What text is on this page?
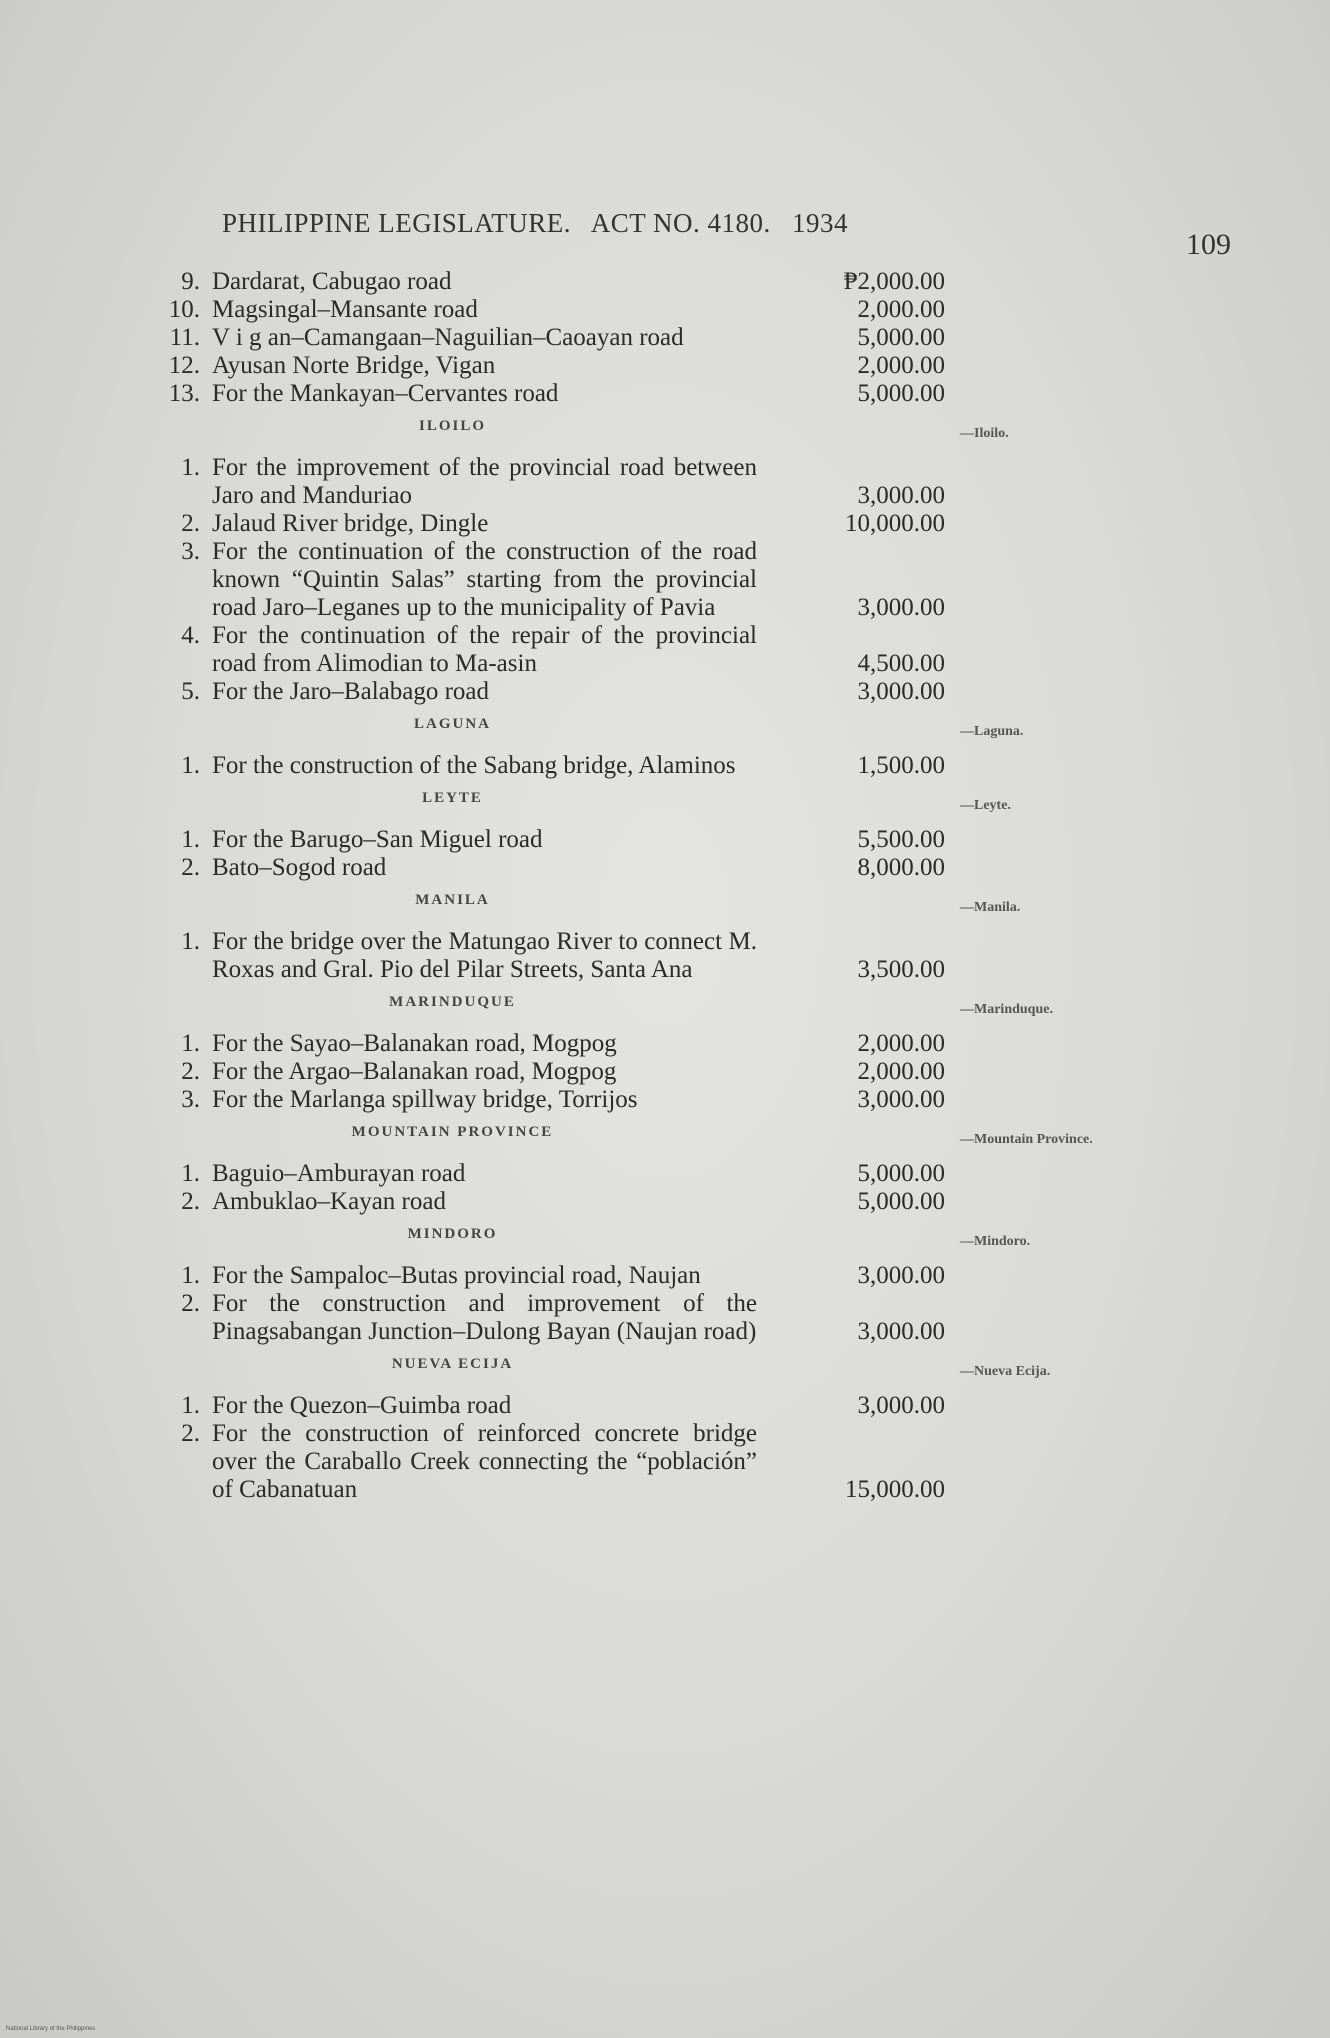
PHILIPPINE LEGISLATURE. ACT NO. 4180. 1934
109
9. Dardarat, Cabugao road	₱2,000.00
10. Magsingal–Mansante road	2,000.00
11. V i g an–Camangaan–Naguilian–Caoayan road	5,000.00
12. Ayusan Norte Bridge, Vigan	2,000.00
13. For the Mankayan–Cervantes road	5,000.00
ILOILO	—Iloilo.
1. For the improvement of the provincial road between Jaro and Manduriao	3,000.00
2. Jalaud River bridge, Dingle	10,000.00
3. For the continuation of the construction of the road known “Quintin Salas” starting from the provincial road Jaro–Leganes up to the municipality of Pavia	3,000.00
4. For the continuation of the repair of the provincial road from Alimodian to Ma-asin	4,500.00
5. For the Jaro–Balabago road	3,000.00
LAGUNA	—Laguna.
1. For the construction of the Sabang bridge, Alaminos	1,500.00
LEYTE	—Leyte.
1. For the Barugo–San Miguel road	5,500.00
2. Bato–Sogod road	8,000.00
MANILA	—Manila.
1. For the bridge over the Matungao River to connect M. Roxas and Gral. Pio del Pilar Streets, Santa Ana	3,500.00
MARINDUQUE	—Marinduque.
1. For the Sayao–Balanakan road, Mogpog	2,000.00
2. For the Argao–Balanakan road, Mogpog	2,000.00
3. For the Marlanga spillway bridge, Torrijos	3,000.00
MOUNTAIN PROVINCE	—Mountain Province.
1. Baguio–Amburayan road	5,000.00
2. Ambuklao–Kayan road	5,000.00
MINDORO	—Mindoro.
1. For the Sampaloc–Butas provincial road, Naujan	3,000.00
2. For the construction and improvement of the Pinagsabangan Junction–Dulong Bayan (Naujan road)	3,000.00
NUEVA ECIJA	—Nueva Ecija.
1. For the Quezon–Guimba road	3,000.00
2. For the construction of reinforced concrete bridge over the Caraballo Creek connecting the “población” of Cabanatuan	15,000.00
National Library of the Philippines
